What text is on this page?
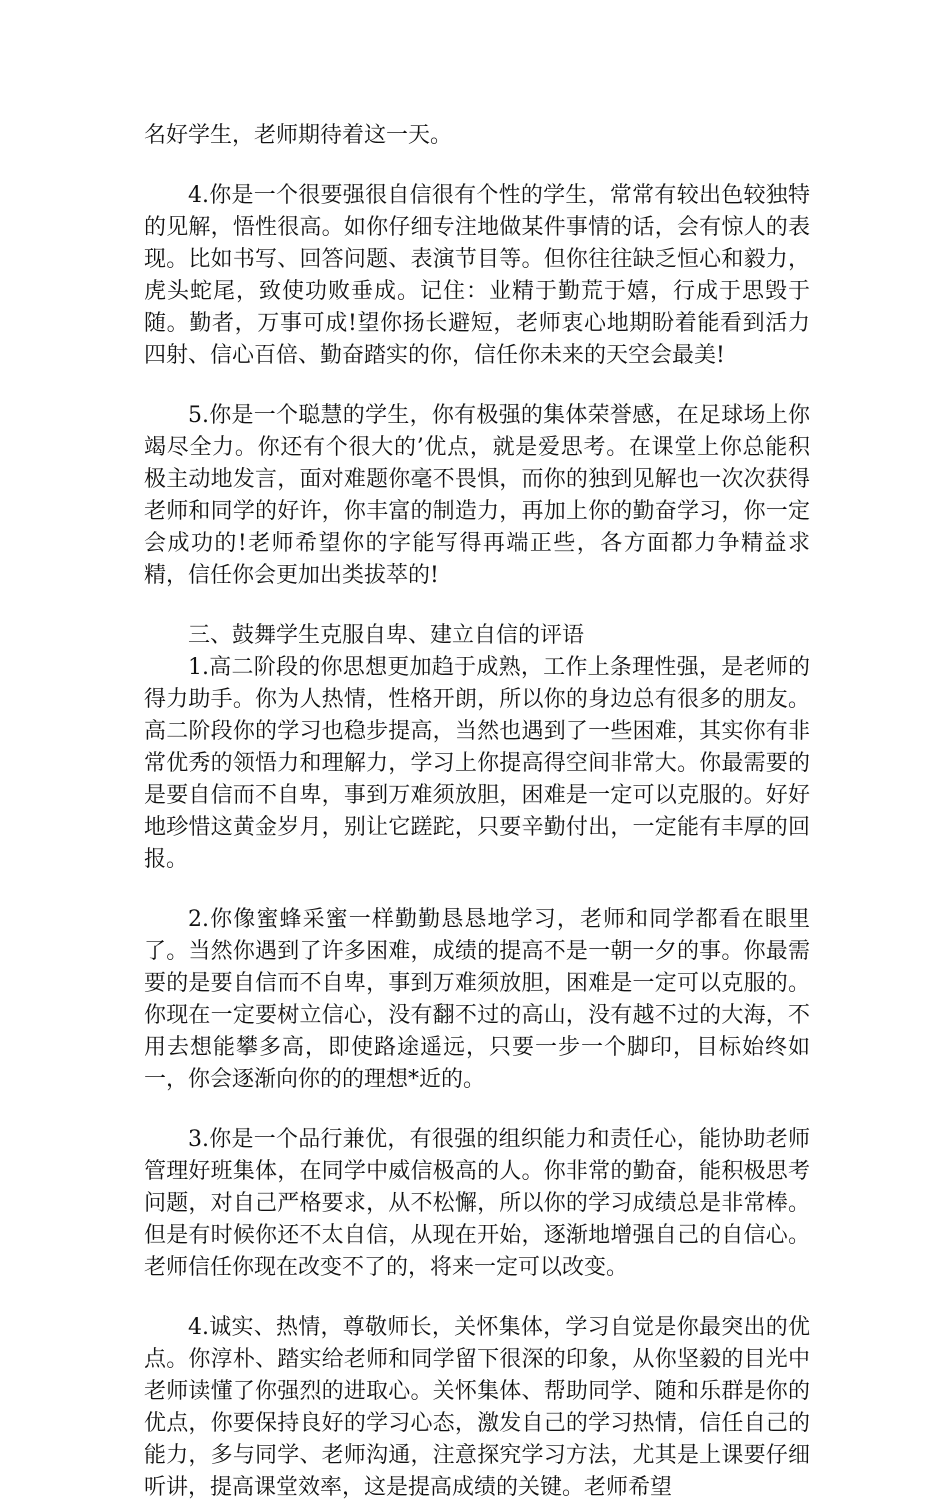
名好学生，老师期待着这一天。

4.你是一个很要强很自信很有个性的学生，常常有较出色较独特的见解，悟性很高。如你仔细专注地做某件事情的话，会有惊人的表现。比如书写、回答问题、表演节目等。但你往往缺乏恒心和毅力，虎头蛇尾，致使功败垂成。记住：业精于勤荒于嬉，行成于思毁于随。勤者，万事可成!望你扬长避短，老师衷心地期盼着能看到活力四射、信心百倍、勤奋踏实的你，信任你未来的天空会最美!

5.你是一个聪慧的学生，你有极强的集体荣誉感，在足球场上你竭尽全力。你还有个很大的’优点，就是爱思考。在课堂上你总能积极主动地发言，面对难题你毫不畏惧，而你的独到见解也一次次获得老师和同学的好许，你丰富的制造力，再加上你的勤奋学习，你一定会成功的!老师希望你的字能写得再端正些，各方面都力争精益求精，信任你会更加出类拔萃的!

三、鼓舞学生克服自卑、建立自信的评语

1.高二阶段的你思想更加趋于成熟，工作上条理性强，是老师的得力助手。你为人热情，性格开朗，所以你的身边总有很多的朋友。高二阶段你的学习也稳步提高，当然也遇到了一些困难，其实你有非常优秀的领悟力和理解力，学习上你提高得空间非常大。你最需要的是要自信而不自卑，事到万难须放胆，困难是一定可以克服的。好好地珍惜这黄金岁月，别让它蹉跎，只要辛勤付出，一定能有丰厚的回报。

2.你像蜜蜂采蜜一样勤勤恳恳地学习，老师和同学都看在眼里了。当然你遇到了许多困难，成绩的提高不是一朝一夕的事。你最需要的是要自信而不自卑，事到万难须放胆，困难是一定可以克服的。你现在一定要树立信心，没有翻不过的高山，没有越不过的大海，不用去想能攀多高，即使路途遥远，只要一步一个脚印，目标始终如一，你会逐渐向你的的理想*近的。

3.你是一个品行兼优，有很强的组织能力和责任心，能协助老师管理好班集体，在同学中威信极高的人。你非常的勤奋，能积极思考问题，对自己严格要求，从不松懈，所以你的学习成绩总是非常棒。但是有时候你还不太自信，从现在开始，逐渐地增强自己的自信心。老师信任你现在改变不了的，将来一定可以改变。

4.诚实、热情，尊敬师长，关怀集体，学习自觉是你最突出的优点。你淳朴、踏实给老师和同学留下很深的印象，从你坚毅的目光中老师读懂了你强烈的进取心。关怀集体、帮助同学、随和乐群是你的优点，你要保持良好的学习心态，激发自己的学习热情，信任自己的能力，多与同学、老师沟通，注意探究学习方法，尤其是上课要仔细听讲，提高课堂效率，这是提高成绩的关键。老师希望
